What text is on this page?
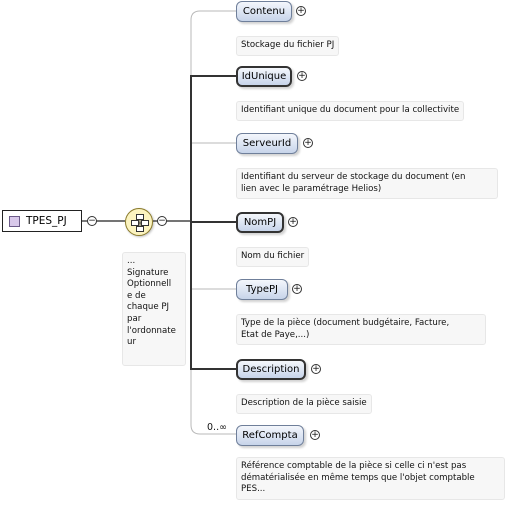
TPES_PJ −	−
...
Signature
Optionnell
e de
chaque PJ
par
l'ordonnate
ur
Contenu	+
Stockage du fichier PJ
IdUnique	+
Identifiant unique du document pour la collectivite
ServeurId	+
Identifiant du serveur de stockage du document (en
lien avec le paramétrage Helios)
NomPJ	+
Nom du fichier
TypePJ	+
Type de la pièce (document budgétaire, Facture,
Etat de Paye,...)
Description	+
Description de la pièce saisie
0..∞
RefCompta	+
Référence comptable de la pièce si celle ci n'est pas
dématérialisée en même temps que l'objet comptable
PES...
